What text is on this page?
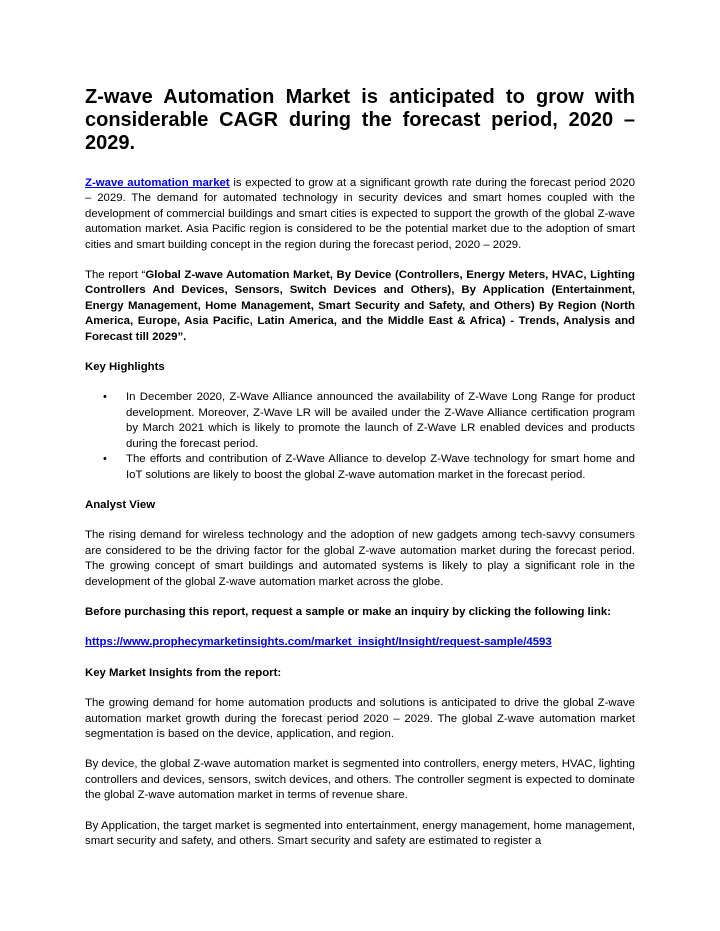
Z-wave Automation Market is anticipated to grow with considerable CAGR during the forecast period, 2020 – 2029.

Z-wave automation market is expected to grow at a significant growth rate during the forecast period 2020 – 2029. The demand for automated technology in security devices and smart homes coupled with the development of commercial buildings and smart cities is expected to support the growth of the global Z-wave automation market. Asia Pacific region is considered to be the potential market due to the adoption of smart cities and smart building concept in the region during the forecast period, 2020 – 2029.

The report “Global Z-wave Automation Market, By Device (Controllers, Energy Meters, HVAC, Lighting Controllers And Devices, Sensors, Switch Devices and Others), By Application (Entertainment, Energy Management, Home Management, Smart Security and Safety, and Others) By Region (North America, Europe, Asia Pacific, Latin America, and the Middle East & Africa) - Trends, Analysis and Forecast till 2029”.

Key Highlights
• In December 2020, Z-Wave Alliance announced the availability of Z-Wave Long Range for product development. Moreover, Z-Wave LR will be availed under the Z-Wave Alliance certification program by March 2021 which is likely to promote the launch of Z-Wave LR enabled devices and products during the forecast period.
• The efforts and contribution of Z-Wave Alliance to develop Z-Wave technology for smart home and IoT solutions are likely to boost the global Z-wave automation market in the forecast period.
Analyst View

The rising demand for wireless technology and the adoption of new gadgets among tech-savvy consumers are considered to be the driving factor for the global Z-wave automation market during the forecast period. The growing concept of smart buildings and automated systems is likely to play a significant role in the development of the global Z-wave automation market across the globe.

Before purchasing this report, request a sample or make an inquiry by clicking the following link:
https://www.prophecymarketinsights.com/market_insight/Insight/request-sample/4593
Key Market Insights from the report:

The growing demand for home automation products and solutions is anticipated to drive the global Z-wave automation market growth during the forecast period 2020 – 2029. The global Z-wave automation market segmentation is based on the device, application, and region.

By device, the global Z-wave automation market is segmented into controllers, energy meters, HVAC, lighting controllers and devices, sensors, switch devices, and others. The controller segment is expected to dominate the global Z-wave automation market in terms of revenue share.

By Application, the target market is segmented into entertainment, energy management, home management, smart security and safety, and others. Smart security and safety are estimated to register a
